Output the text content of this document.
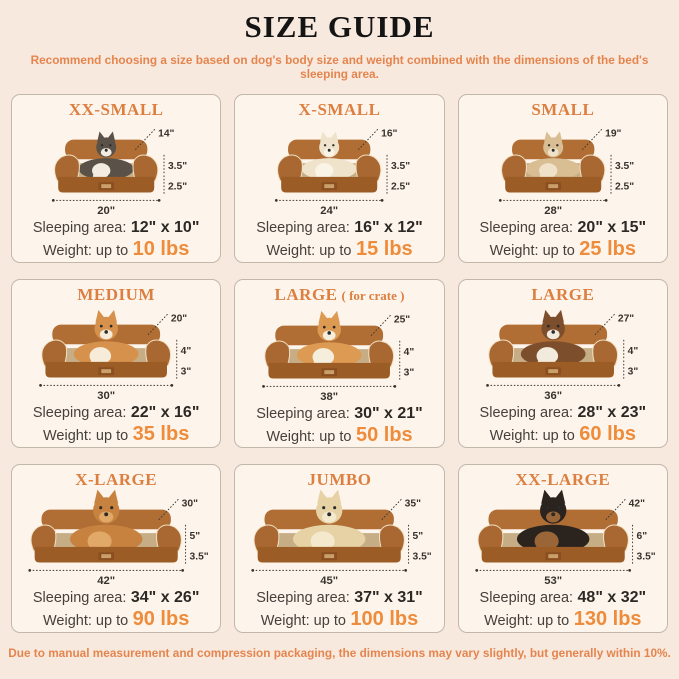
SIZE GUIDE

Recommend choosing a size based on dog's body size and weight combined with the dimensions of the bed's sleeping area.

XX-SMALL
14"
3.5"
2.5"
20"
Sleeping area: 12" x 10"
Weight: up to 10 lbs
X-SMALL
16"
3.5"
2.5"
24"
Sleeping area: 16" x 12"
Weight: up to 15 lbs
SMALL
19"
3.5"
2.5"
28"
Sleeping area: 20" x 15"
Weight: up to 25 lbs
MEDIUM
20"
4"
3"
30"
Sleeping area: 22" x 16"
Weight: up to 35 lbs
LARGE ( for crate )
25"
4"
3"
38"
Sleeping area: 30" x 21"
Weight: up to 50 lbs
LARGE
27"
4"
3"
36"
Sleeping area: 28" x 23"
Weight: up to 60 lbs
X-LARGE
30"
5"
3.5"
42"
Sleeping area: 34" x 26"
Weight: up to 90 lbs
JUMBO
35"
5"
3.5"
45"
Sleeping area: 37" x 31"
Weight: up to 100 lbs
XX-LARGE
42"
6"
3.5"
53"
Sleeping area: 48" x 32"
Weight: up to 130 lbs

Due to manual measurement and compression packaging, the dimensions may vary slightly, but generally within 10%.
